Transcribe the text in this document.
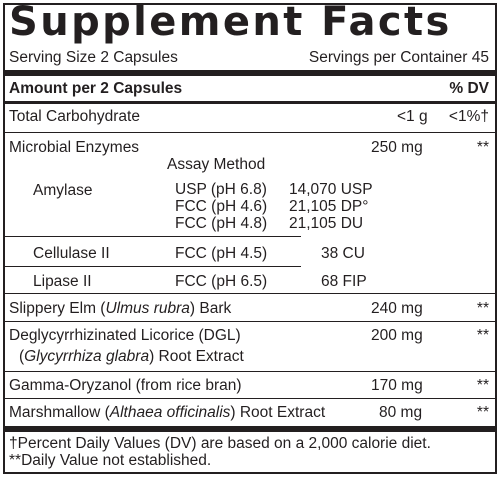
Supplement Facts
Serving Size 2 Capsules	Servings per Container 45
Amount per 2 Capsules	% DV
Total Carbohydrate	<1 g <1%†
Microbial Enzymes	250 mg	**
Assay Method
Amylase	USP (pH 6.8) 14,070 USP
FCC (pH 4.6) 21,105 DP°
FCC (pH 4.8) 21,105 DU
Cellulase II	FCC (pH 4.5)	38 CU
Lipase II	FCC (pH 6.5)	68 FIP
Slippery Elm (Ulmus rubra) Bark	240 mg	**
Deglycyrrhizinated Licorice (DGL)
(Glycyrrhiza glabra) Root Extract
200 mg	**
Gamma-Oryzanol (from rice bran)	170 mg	**
Marshmallow (Althaea officinalis) Root Extract	80 mg	**
†Percent Daily Values (DV) are based on a 2,000 calorie diet.
**Daily Value not established.
